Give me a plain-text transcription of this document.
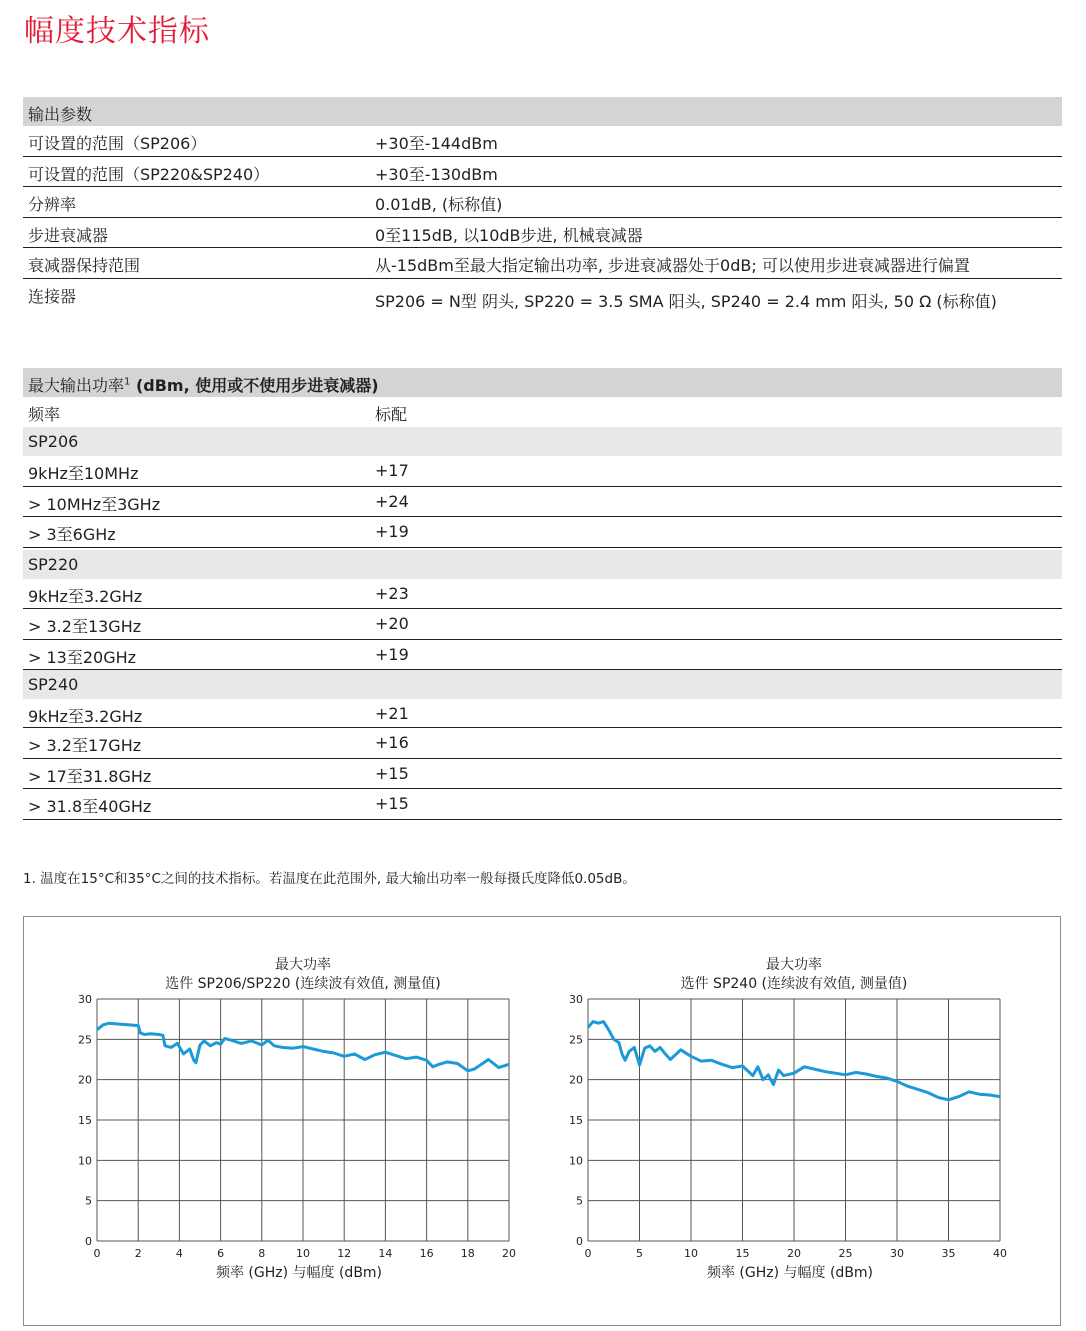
幅度技术指标
输出参数
可设置的范围（SP206）	+30至-144dBm
可设置的范围（SP220&SP240）	+30至-130dBm
分辨率	0.01dB, (标称值)
步进衰减器	0至115dB, 以10dB步进, 机械衰减器
衰减器保持范围	从-15dBm至最大指定输出功率, 步进衰减器处于0dB; 可以使用步进衰减器进行偏置
连接器	SP206 = N型 阴头, SP220 = 3.5 SMA 阳头, SP240 = 2.4 mm 阳头, 50 Ω (标称值)
最大输出功率$^1$ (dBm, 使用或不使用步进衰减器)
频率	标配
SP206
9kHz至10MHz	+17
> 10MHz至3GHz	+24
> 3至6GHz	+19
SP220
9kHz至3.2GHz	+23
> 3.2至13GHz	+20
> 13至20GHz	+19
SP240
9kHz至3.2GHz	+21
> 3.2至17GHz	+16
> 17至31.8GHz	+15
> 31.8至40GHz	+15
1. 温度在15°C和35°C之间的技术指标。若温度在此范围外, 最大输出功率一般每摄氏度降低0.05dB。
最大功率
选件 SP206/SP220 (连续波有效值, 测量值)
0	2	4	6	8	10 12 14 16 18 20
0
5
10
15
20
25
30
频率 (GHz) 与幅度 (dBm)
最大功率
选件 SP240 (连续波有效值, 测量值)
0	5	10	15	20	25	30	35	40
0
5
10
15
20
25
30
频率 (GHz) 与幅度 (dBm)
